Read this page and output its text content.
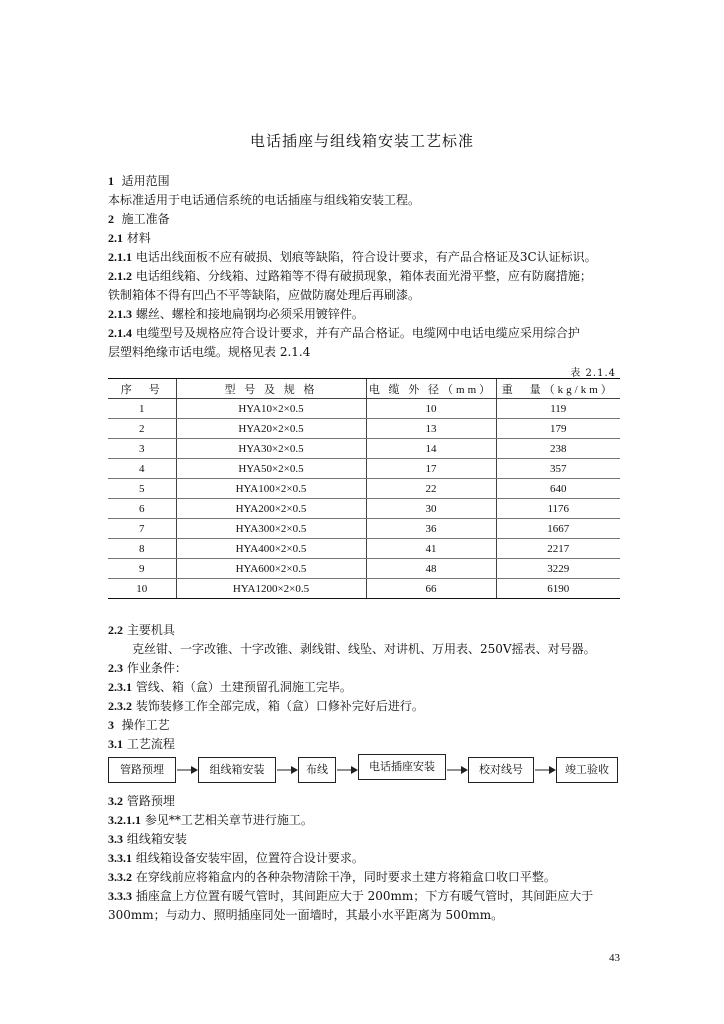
电话插座与组线箱安装工艺标准
1 适用范围
本标准适用于电话通信系统的电话插座与组线箱安装工程。
2 施工准备
2.1 材料
2.1.1 电话出线面板不应有破损、划痕等缺陷，符合设计要求，有产品合格证及3C认证标识。
2.1.2 电话组线箱、分线箱、过路箱等不得有破损现象，箱体表面光滑平整，应有防腐措施；
铁制箱体不得有凹凸不平等缺陷，应做防腐处理后再刷漆。
2.1.3 螺丝、螺栓和接地扁钢均必须采用镀锌件。
2.1.4 电缆型号及规格应符合设计要求，并有产品合格证。电缆网中电话电缆应采用综合护
层塑料绝缘市话电缆。规格见表 2.1.4
表 2.1.4
序　号	型 号 及 规 格	电 缆 外 径（mm）	重　量（kg/km）
1	HYA10×2×0.5	10	119
2	HYA20×2×0.5	13	179
3	HYA30×2×0.5	14	238
4	HYA50×2×0.5	17	357
5	HYA100×2×0.5	22	640
6	HYA200×2×0.5	30	1176
7	HYA300×2×0.5	36	1667
8	HYA400×2×0.5	41	2217
9	HYA600×2×0.5	48	3229
10	HYA1200×2×0.5	66	6190
2.2 主要机具
克丝钳、一字改锥、十字改锥、剥线钳、线坠、对讲机、万用表、250V摇表、对号器。
2.3 作业条件：
2.3.1 管线、箱（盒）土建预留孔洞施工完毕。
2.3.2 装饰装修工作全部完成，箱（盒）口修补完好后进行。
3 操作工艺
3.1 工艺流程
管路预埋	组线箱安装	布线	电话插座安装	校对线号	竣工验收
3.2 管路预埋
3.2.1.1 参见**工艺相关章节进行施工。
3.3 组线箱安装
3.3.1 组线箱设备安装牢固，位置符合设计要求。
3.3.2 在穿线前应将箱盒内的各种杂物清除干净，同时要求土建方将箱盒口收口平整。
3.3.3 插座盒上方位置有暖气管时，其间距应大于 200mm；下方有暖气管时，其间距应大于
300mm；与动力、照明插座同处一面墙时，其最小水平距离为 500mm。
43
